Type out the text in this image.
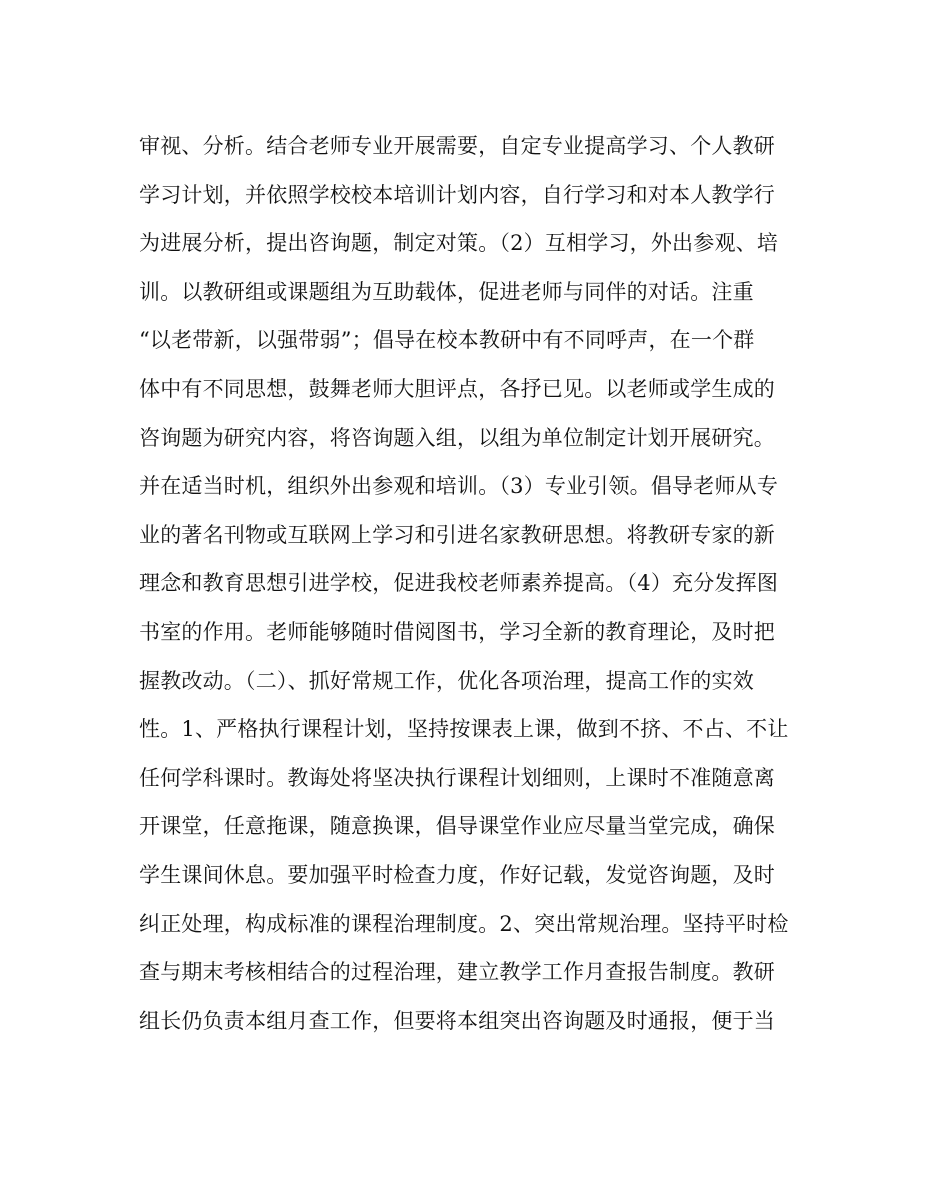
审视、分析。结合老师专业开展需要，自定专业提高学习、个人教研
学习计划，并依照学校校本培训计划内容，自行学习和对本人教学行
为进展分析，提出咨询题，制定对策。（2）互相学习，外出参观、培
训。以教研组或课题组为互助载体，促进老师与同伴的对话。注重
“以老带新，以强带弱”；倡导在校本教研中有不同呼声，在一个群
体中有不同思想，鼓舞老师大胆评点，各抒已见。以老师或学生成的
咨询题为研究内容，将咨询题入组，以组为单位制定计划开展研究。
并在适当时机，组织外出参观和培训。（3）专业引领。倡导老师从专
业的著名刊物或互联网上学习和引进名家教研思想。将教研专家的新
理念和教育思想引进学校，促进我校老师素养提高。（4）充分发挥图
书室的作用。老师能够随时借阅图书，学习全新的教育理论，及时把
握教改动。（二）、抓好常规工作，优化各项治理，提高工作的实效
性。1、严格执行课程计划，坚持按课表上课，做到不挤、不占、不让
任何学科课时。教诲处将坚决执行课程计划细则，上课时不准随意离
开课堂，任意拖课，随意换课，倡导课堂作业应尽量当堂完成，确保
学生课间休息。要加强平时检查力度，作好记载，发觉咨询题，及时
纠正处理，构成标准的课程治理制度。2、突出常规治理。坚持平时检
查与期末考核相结合的过程治理，建立教学工作月查报告制度。教研
组长仍负责本组月查工作，但要将本组突出咨询题及时通报，便于当
